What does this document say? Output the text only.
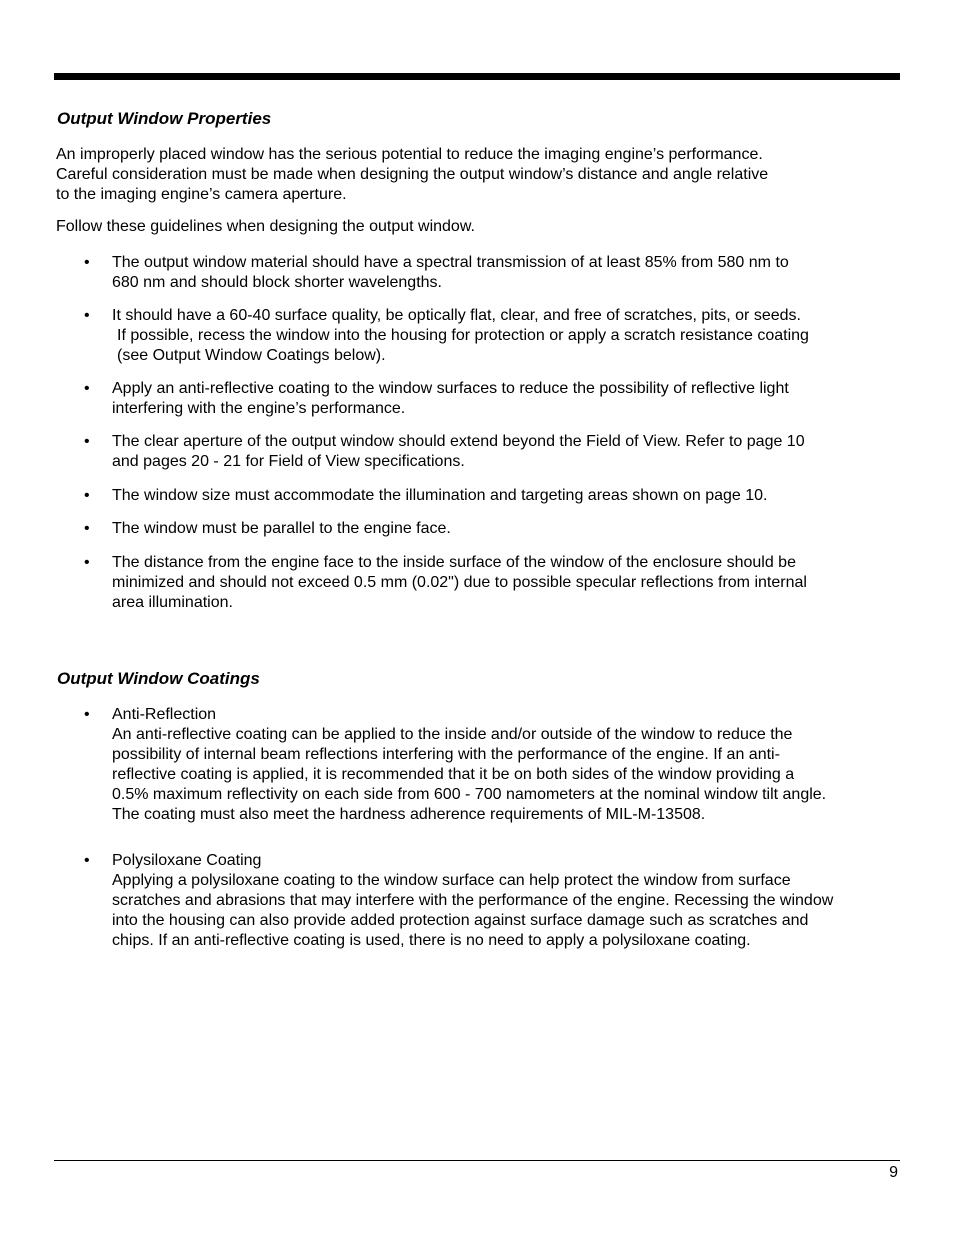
Output Window Properties

An improperly placed window has the serious potential to reduce the imaging engine’s performance.
Careful consideration must be made when designing the output window’s distance and angle relative
to the imaging engine’s camera aperture.

Follow these guidelines when designing the output window.

• The output window material should have a spectral transmission of at least 85% from 580 nm to
680 nm and should block shorter wavelengths.
• It should have a 60-40 surface quality, be optically flat, clear, and free of scratches, pits, or seeds.
If possible, recess the window into the housing for protection or apply a scratch resistance coating
(see Output Window Coatings below).
• Apply an anti-reflective coating to the window surfaces to reduce the possibility of reflective light
interfering with the engine’s performance.
• The clear aperture of the output window should extend beyond the Field of View. Refer to page 10
and pages 20 - 21 for Field of View specifications.
• The window size must accommodate the illumination and targeting areas shown on page 10.
• The window must be parallel to the engine face.
• The distance from the engine face to the inside surface of the window of the enclosure should be
minimized and should not exceed 0.5 mm (0.02") due to possible specular reflections from internal
area illumination.
Output Window Coatings
• Anti-Reflection
An anti-reflective coating can be applied to the inside and/or outside of the window to reduce the
possibility of internal beam reflections interfering with the performance of the engine. If an anti-
reflective coating is applied, it is recommended that it be on both sides of the window providing a
0.5% maximum reflectivity on each side from 600 - 700 namometers at the nominal window tilt angle.
The coating must also meet the hardness adherence requirements of MIL-M-13508.
• Polysiloxane Coating
Applying a polysiloxane coating to the window surface can help protect the window from surface
scratches and abrasions that may interfere with the performance of the engine. Recessing the window
into the housing can also provide added protection against surface damage such as scratches and
chips. If an anti-reflective coating is used, there is no need to apply a polysiloxane coating.
9
